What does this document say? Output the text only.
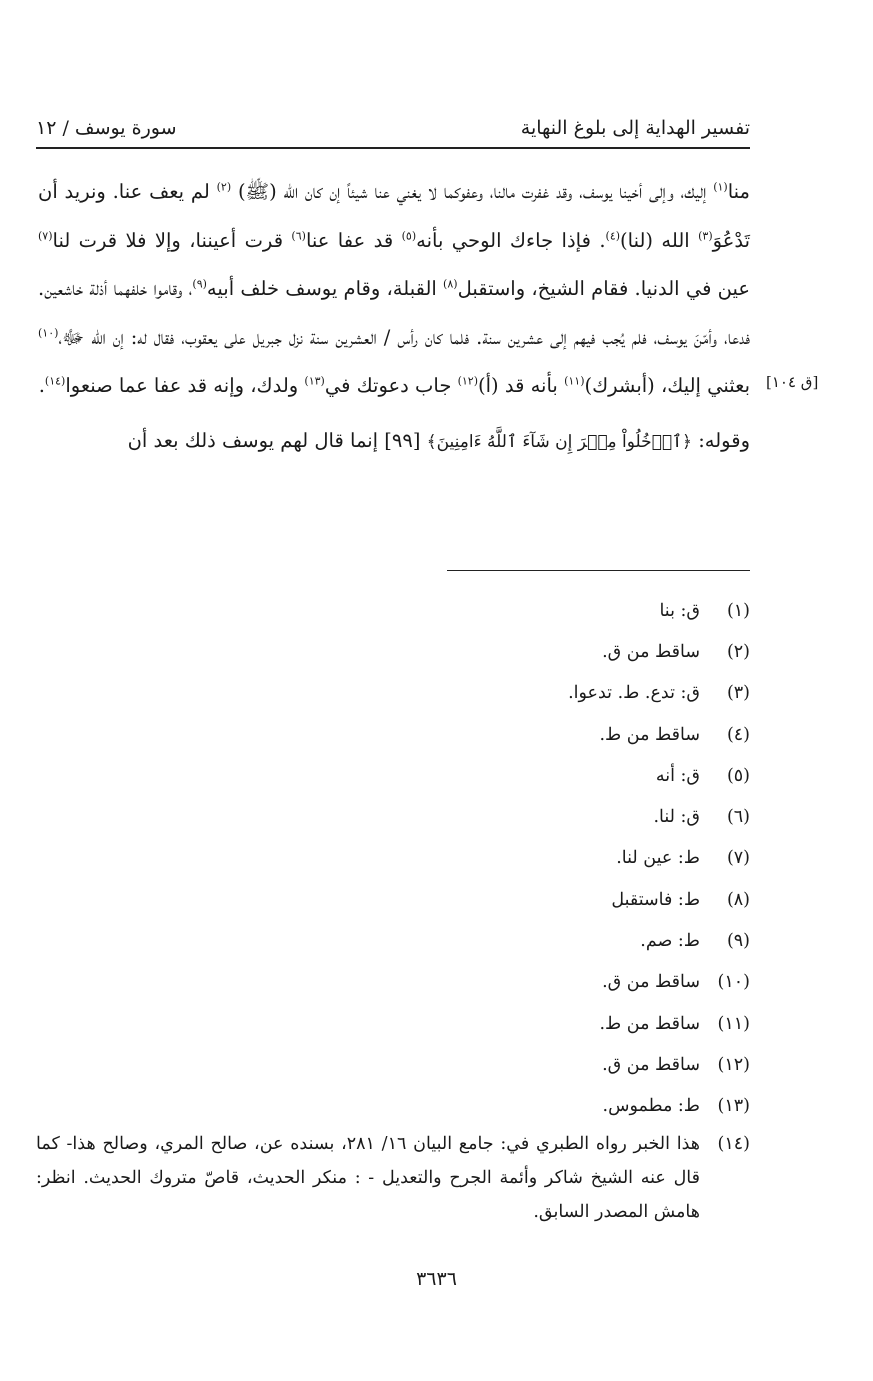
تفسير الهداية إلى بلوغ النهاية
سورة يوسف / ١٢

منا$^{(١)}$ إليك، وإلى أخينا يوسف، وقد غفرت مالنا، وعفوكما لا يغني عنا شيئاً إن كان الله (ﷺ) $^{(٢)}$ لم يعف عنا. ونريد أن تَدْعُوَ$^{(٣)}$ الله (لنا)$^{(٤)}$. فإذا جاءك الوحي بأنه$^{(٥)}$ قد عفا عنا$^{(٦)}$ قرت أعيننا، وإلا فلا قرت لنا$^{(٧)}$ عين في الدنيا. فقام الشيخ، واستقبل$^{(٨)}$ القبلة، وقام يوسف خلف أبيه$^{(٩)}$، وقاموا خلفهما أذلة خاشعين. فدعا، وأمّنَ يوسف، فلم يُجب فيهم إلى عشرين سنة. فلما كان رأس / العشرين سنة نزل جبريل على يعقوب، فقال له: إن الله ﷻ،$^{(١٠)}$ بعثني إليك، (أبشرك)$^{(١١)}$ بأنه قد (أ)$^{(١٢)}$ جاب دعوتك في$^{(١٣)}$ ولدك، وإنه قد عفا عما صنعوا$^{(١٤)}$.

وقوله: ﴿ٱدۡخُلُواْ مِصۡرَ إِن شَآءَ ٱللَّهُ ءَامِنِينَ﴾ [٩٩] إنما قال لهم يوسف ذلك بعد أن

[ق ١٠٤]
(١)
ق: بنا
(٢)
ساقط من ق.
(٣)
ق: تدع. ط. تدعوا.
(٤)
ساقط من ط.
(٥)
ق: أنه
(٦)
ق: لنا.
(٧)
ط: عين لنا.
(٨)
ط: فاستقبل
(٩)
ط: صم.
(١٠)
ساقط من ق.
(١١)
ساقط من ط.
(١٢)
ساقط من ق.
(١٣)
ط: مطموس.
(١٤)
هذا الخبر رواه الطبري في: جامع البيان ١٦/ ٢٨١، بسنده عن، صالح المري، وصالح هذا- كما قال عنه الشيخ شاكر وأئمة الجرح والتعديل - : منكر الحديث، قاصّ متروك الحديث. انظر: هامش المصدر السابق.
٣٦٣٦
